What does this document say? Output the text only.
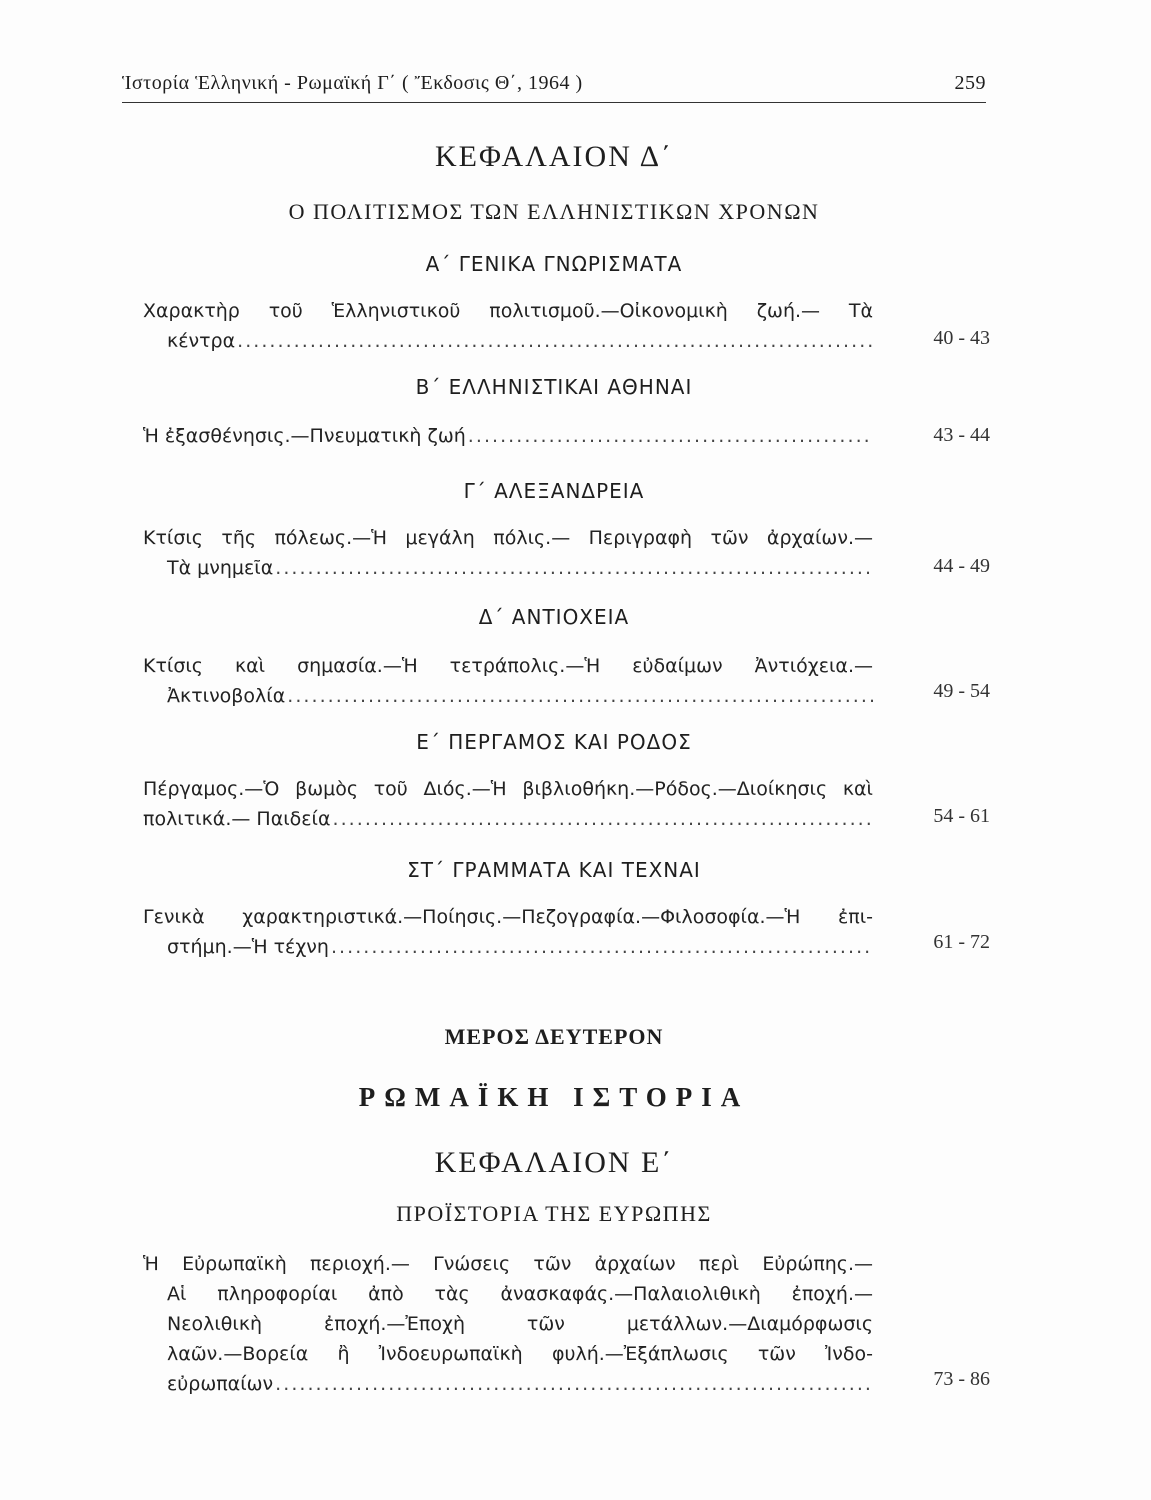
Ἱστορία Ἑλληνική - Ρωμαϊκή Γ΄ ( Ἔκδοσις Θ΄, 1964 )	259
ΚΕΦΑΛΑΙΟΝ Δ΄
Ο ΠΟΛΙΤΙΣΜΟΣ ΤΩΝ ΕΛΛΗΝΙΣΤΙΚΩΝ ΧΡΟΝΩΝ
Α΄ ΓΕΝΙΚΑ ΓΝΩΡΙΣΜΑΤΑ
Χαρακτὴρ τοῦ Ἑλληνιστικοῦ πολιτισμοῦ.—Οἰκονομικὴ ζωή.— Τὰ
κέντρα . . .	40 - 43
Β΄ ΕΛΛΗΝΙΣΤΙΚΑΙ ΑΘΗΝΑΙ
Ἡ ἐξασθένησις.—Πνευματικὴ ζωή . . .	43 - 44
Γ΄ ΑΛΕΞΑΝΔΡΕΙΑ
Κτίσις τῆς πόλεως.—Ἡ μεγάλη πόλις.— Περιγραφὴ τῶν ἀρχαίων.—
Τὰ μνημεῖα . . .	44 - 49
Δ΄ ΑΝΤΙΟΧΕΙΑ
Κτίσις καὶ σημασία.—Ἡ τετράπολις.—Ἡ εὐδαίμων Ἀντιόχεια.—
Ἀκτινοβολία . . .	49 - 54
Ε΄ ΠΕΡΓΑΜΟΣ ΚΑΙ ΡΟΔΟΣ
Πέργαμος.—Ὁ βωμὸς τοῦ Διός.—Ἡ βιβλιοθήκη.—Ρόδος.—Διοίκησις καὶ
πολιτικά.— Παιδεία . . .	54 - 61
ΣΤ΄ ΓΡΑΜΜΑΤΑ ΚΑΙ ΤΕΧΝΑΙ
Γενικὰ χαρακτηριστικά.—Ποίησις.—Πεζογραφία.—Φιλοσοφία.—Ἡ ἐπι-
στήμη.—Ἡ τέχνη . . .	61 - 72
ΜΕΡΟΣ ΔΕΥΤΕΡΟΝ
ΡΩΜΑΪΚΗ ΙΣΤΟΡΙΑ
ΚΕΦΑΛΑΙΟΝ Ε΄
ΠΡΟΪΣΤΟΡΙΑ ΤΗΣ ΕΥΡΩΠΗΣ
Ἡ Εὐρωπαϊκὴ περιοχή.— Γνώσεις τῶν ἀρχαίων περὶ Εὐρώπης.—
Αἱ πληροφορίαι ἀπὸ τὰς ἀνασκαφάς.—Παλαιολιθικὴ ἐποχή.—
Νεολιθικὴ ἐποχή.—Ἐποχὴ τῶν μετάλλων.—Διαμόρφωσις
λαῶν.—Βορεία ἢ Ἰνδοευρωπαϊκὴ φυλή.—Ἐξάπλωσις τῶν Ἰνδο-
εὐρωπαίων . . .	73 - 86
